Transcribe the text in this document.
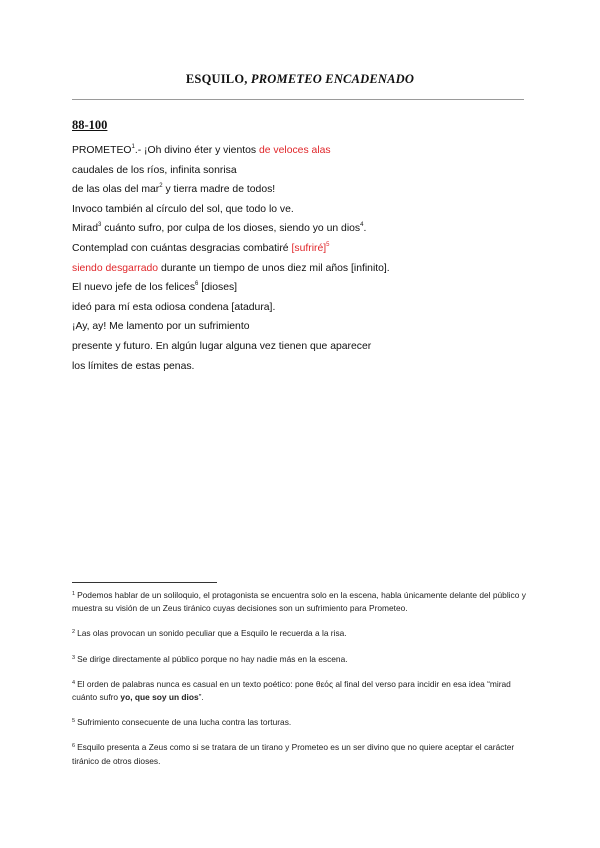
ESQUILO, PROMETEO ENCADENADO
88-100
PROMETEO$^1$.- ¡Oh divino éter y vientos de veloces alas
caudales de los ríos, infinita sonrisa
de las olas del mar$^2$ y tierra madre de todos!
Invoco también al círculo del sol, que todo lo ve.
Mirad$^3$ cuánto sufro, por culpa de los dioses, siendo yo un dios$^4$.
Contemplad con cuántas desgracias combatiré [sufriré]$^5$
siendo desgarrado durante un tiempo de unos diez mil años [infinito].
El nuevo jefe de los felices$^6$ [dioses]
ideó para mí esta odiosa condena [atadura].
¡Ay, ay! Me lamento por un sufrimiento
presente y futuro. En algún lugar alguna vez tienen que aparecer
los límites de estas penas.

$^1$ Podemos hablar de un soliloquio, el protagonista se encuentra solo en la escena, habla únicamente delante del público y muestra su visión de un Zeus tiránico cuyas decisiones son un sufrimiento para Prometeo.

$^2$ Las olas provocan un sonido peculiar que a Esquilo le recuerda a la risa.

$^3$ Se dirige directamente al público porque no hay nadie más en la escena.

$^4$ El orden de palabras nunca es casual en un texto poético: pone θεός al final del verso para incidir en esa idea “mirad cuánto sufro yo, que soy un dios”.

$^5$ Sufrimiento consecuente de una lucha contra las torturas.

$^6$ Esquilo presenta a Zeus como si se tratara de un tirano y Prometeo es un ser divino que no quiere aceptar el carácter tiránico de otros dioses.
